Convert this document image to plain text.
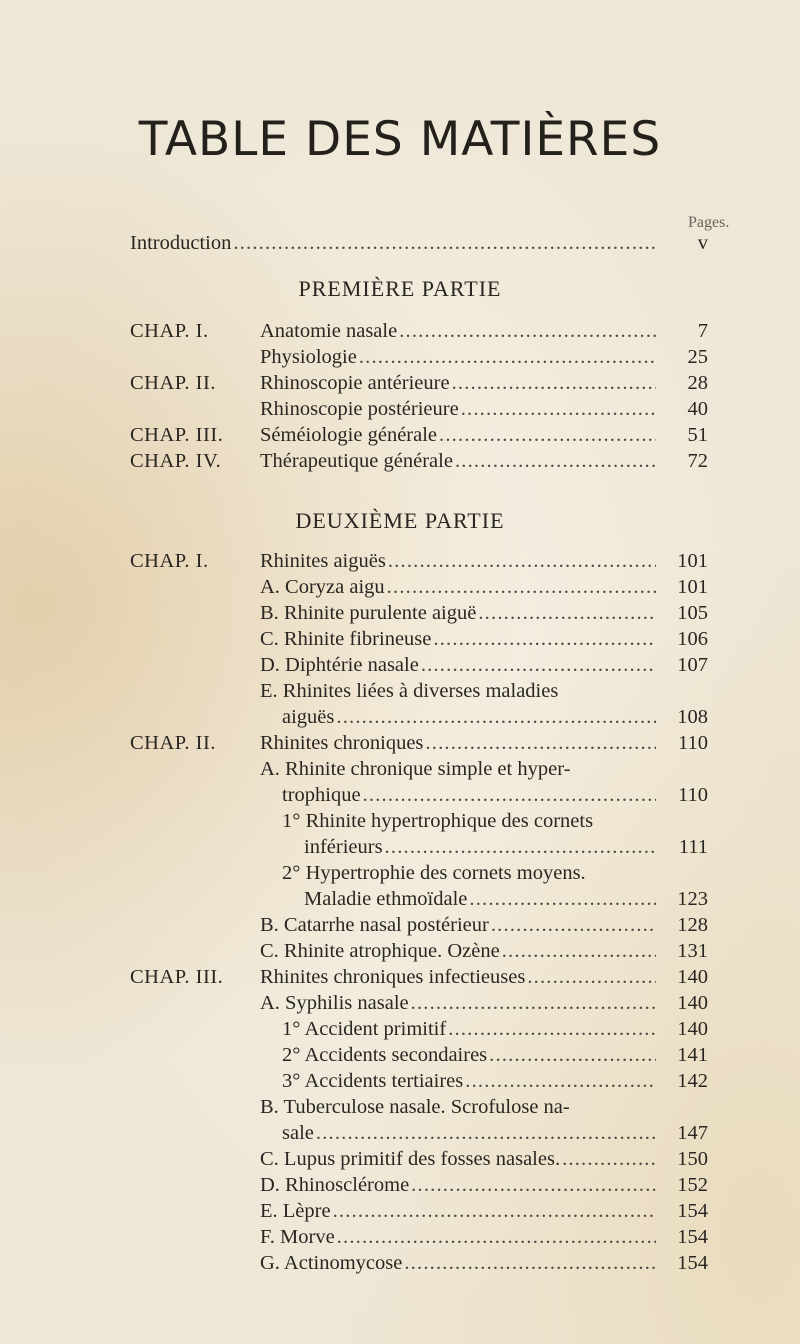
TABLE DES MATIÈRES
Pages.
Introduction
.....	v
PREMIÈRE PARTIE
CHAP. I.
CHAP. II.
CHAP. III.
CHAP. IV.
7
Anatomie nasale
.....
25
Physiologie
.....
28
Rhinoscopie antérieure
.....
40
Rhinoscopie postérieure
.....
51
Séméiologie générale
.....
72
Thérapeutique générale
.....
DEUXIÈME PARTIE
CHAP. I.
CHAP. II.
CHAP. III.
101
Rhinites aiguës
.....
101
A. Coryza aigu
.....
105
B. Rhinite purulente aiguë
.....
106
C. Rhinite fibrineuse
.....
107
D. Diphtérie nasale
.....
E. Rhinites liées à diverses maladies
108
aiguës
.....
110
Rhinites chroniques
.....
A. Rhinite chronique simple et hyper-
110
trophique
.....
1° Rhinite hypertrophique des cornets
111
inférieurs
.....
2° Hypertrophie des cornets moyens.
123
Maladie ethmoïdale
.....
128
B. Catarrhe nasal postérieur
.....
131
C. Rhinite atrophique. Ozène
.....
140
Rhinites chroniques infectieuses
.....
140
A. Syphilis nasale
.....
140
1° Accident primitif
.....
141
2° Accidents secondaires
.....
142
3° Accidents tertiaires
.....
B. Tuberculose nasale. Scrofulose na-
147
sale
.....
150
C. Lupus primitif des fosses nasales.
.....
152
D. Rhinosclérome
.....
154
E. Lèpre
.....
154
F. Morve
.....
154
G. Actinomycose
.....
